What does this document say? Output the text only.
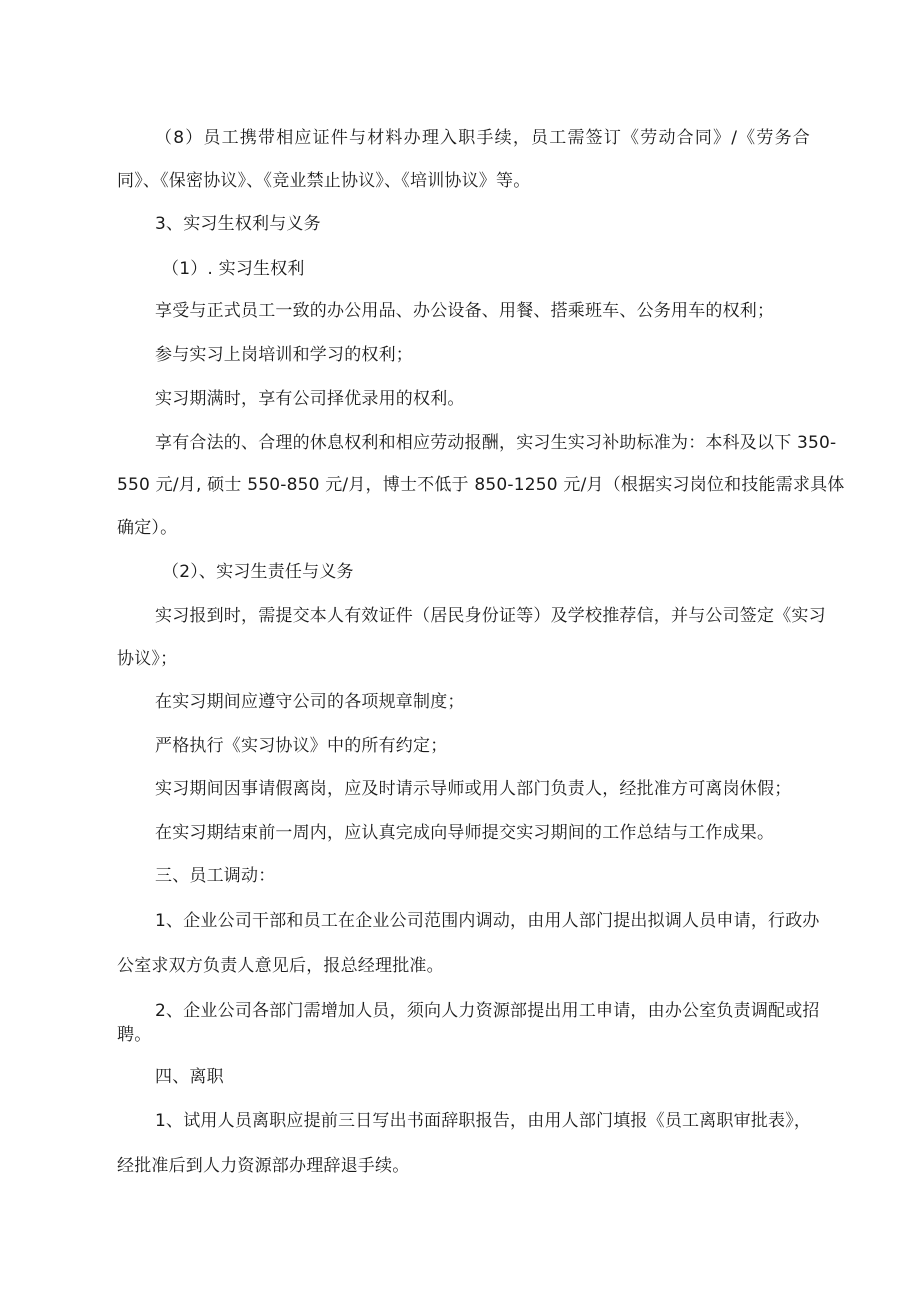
（8）员工携带相应证件与材料办理入职手续，员工需签订《劳动合同》/《劳务合
同》、《保密协议》、《竞业禁止协议》、《培训协议》等。
3、实习生权利与义务
（1）. 实习生权利
享受与正式员工一致的办公用品、办公设备、用餐、搭乘班车、公务用车的权利；
参与实习上岗培训和学习的权利；
实习期满时，享有公司择优录用的权利。
享有合法的、合理的休息权利和相应劳动报酬，实习生实习补助标准为：本科及以下 350-
550 元/月, 硕士 550-850 元/月，博士不低于 850-1250 元/月（根据实习岗位和技能需求具体
确定）。
（2）、实习生责任与义务
实习报到时，需提交本人有效证件（居民身份证等）及学校推荐信，并与公司签定《实习
协议》；
在实习期间应遵守公司的各项规章制度；
严格执行《实习协议》中的所有约定；
实习期间因事请假离岗，应及时请示导师或用人部门负责人，经批准方可离岗休假；
在实习期结束前一周内，应认真完成向导师提交实习期间的工作总结与工作成果。
三、员工调动：
1、企业公司干部和员工在企业公司范围内调动，由用人部门提出拟调人员申请，行政办
公室求双方负责人意见后，报总经理批准。
2、企业公司各部门需增加人员，须向人力资源部提出用工申请，由办公室负责调配或招
聘。
四、离职
1、试用人员离职应提前三日写出书面辞职报告，由用人部门填报《员工离职审批表》，
经批准后到人力资源部办理辞退手续。
